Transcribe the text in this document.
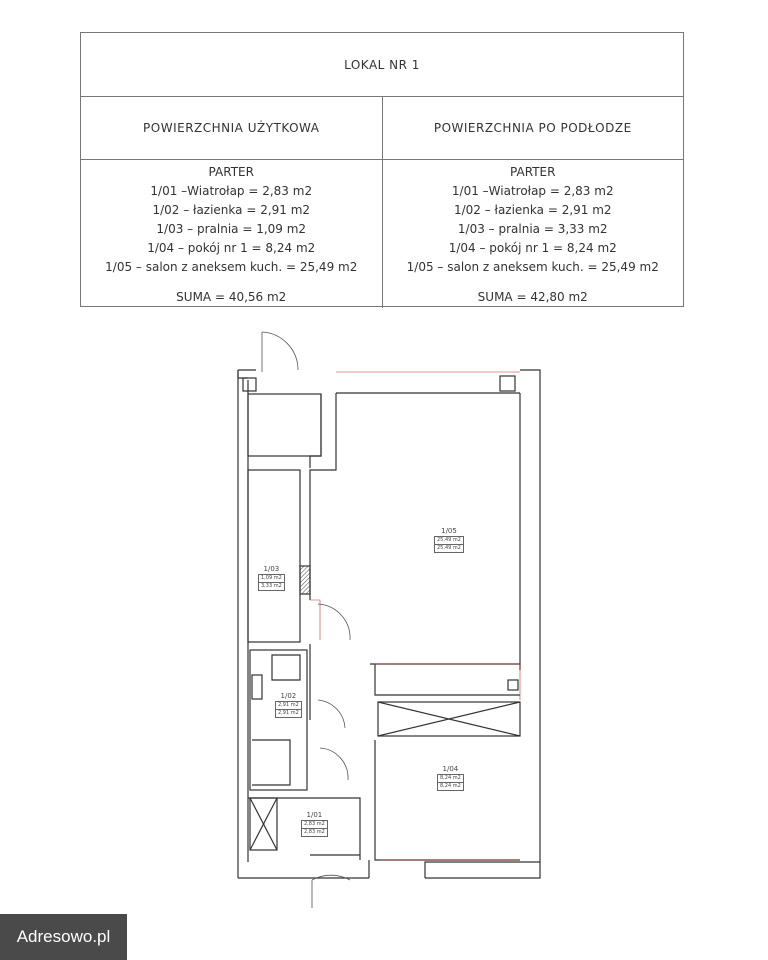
LOKAL NR 1
POWIERZCHNIA UŻYTKOWA	POWIERZCHNIA PO PODŁODZE
PARTER
1/01 –Wiatrołap = 2,83 m2
1/02 – łazienka = 2,91 m2
1/03 – pralnia = 1,09 m2
1/04 – pokój nr 1 = 8,24 m2
1/05 – salon z aneksem kuch. = 25,49 m2
SUMA = 40,56 m2
PARTER
1/01 –Wiatrołap = 2,83 m2
1/02 – łazienka = 2,91 m2
1/03 – pralnia = 3,33 m2
1/04 – pokój nr 1 = 8,24 m2
1/05 – salon z aneksem kuch. = 25,49 m2
SUMA = 42,80 m2
1/05
25,49 m2
25,49 m2
1/03
1,09 m2
3,33 m2
1/02
2,91 m2
2,91 m2
1/04
8,24 m2
8,24 m2
1/01
2,83 m2
2,83 m2
Adresowo.pl
